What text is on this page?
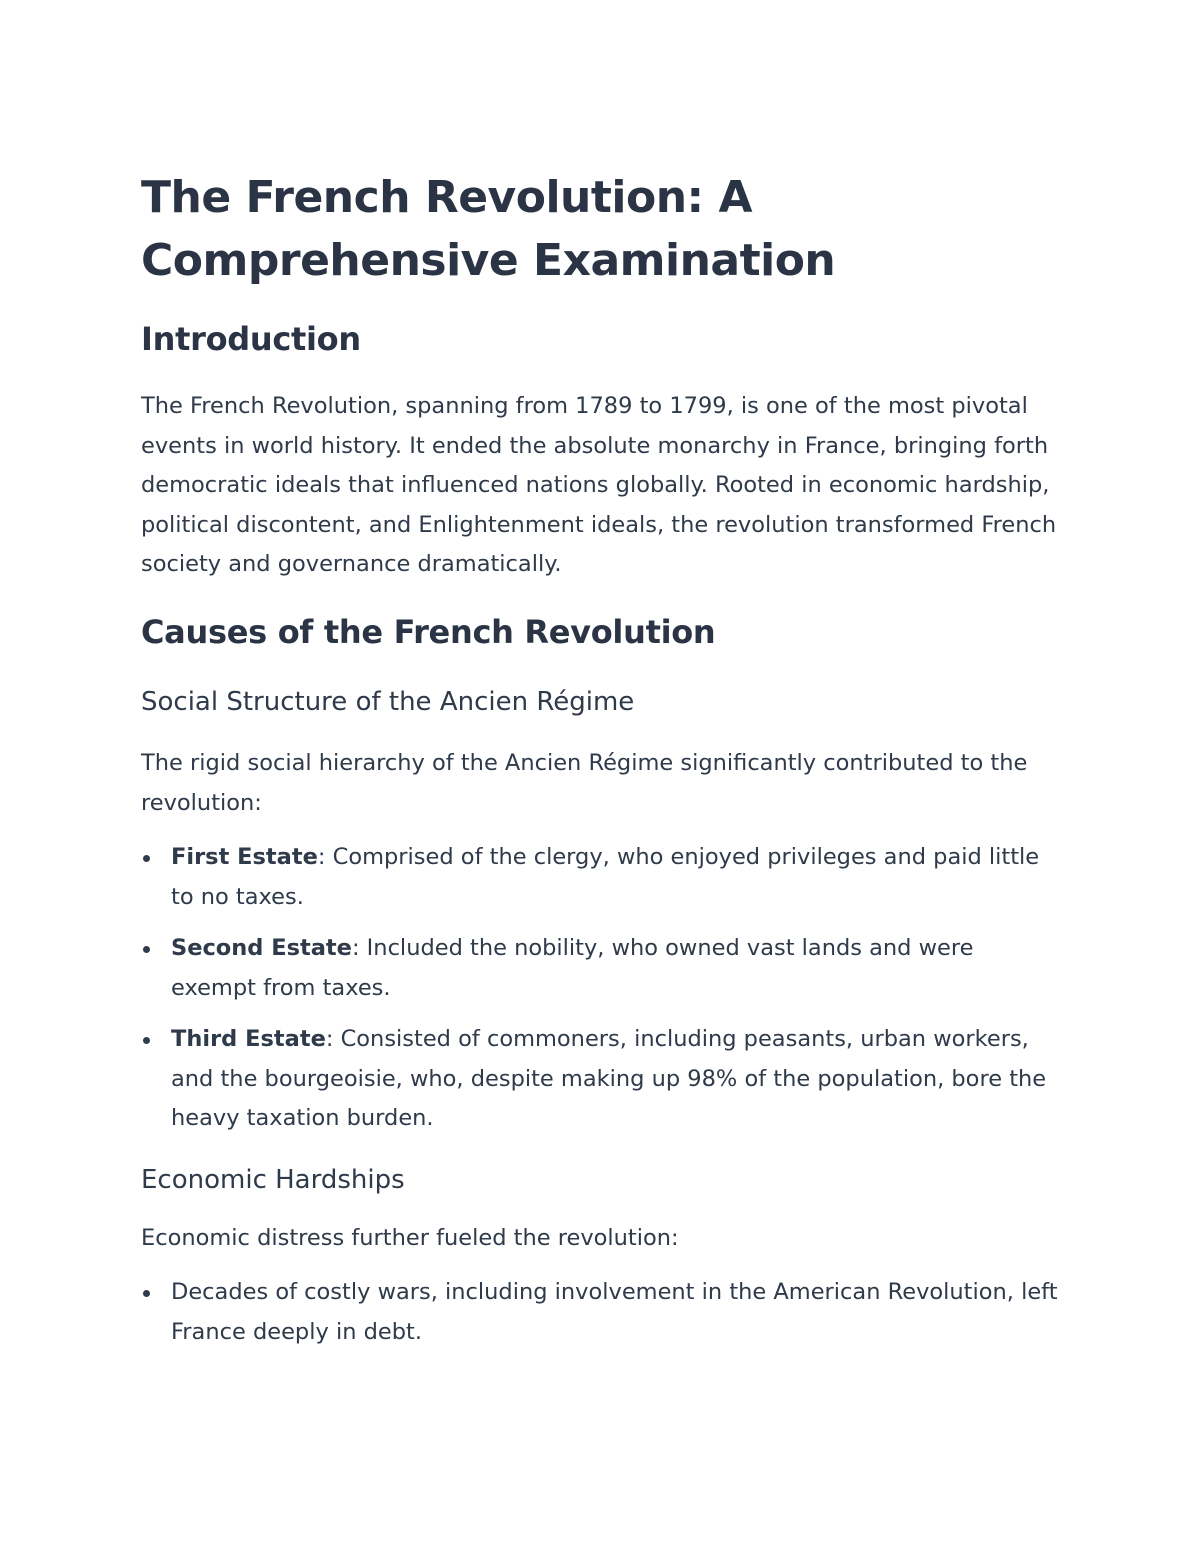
The French Revolution: A
Comprehensive Examination
Introduction

The French Revolution, spanning from 1789 to 1799, is one of the most pivotal events in world history. It ended the absolute monarchy in France, bringing forth democratic ideals that influenced nations globally. Rooted in economic hardship, political discontent, and Enlightenment ideals, the revolution transformed French society and governance dramatically.

Causes of the French Revolution
Social Structure of the Ancien Régime

The rigid social hierarchy of the Ancien Régime significantly contributed to the revolution:

First Estate: Comprised of the clergy, who enjoyed privileges and paid little to no taxes.
Second Estate: Included the nobility, who owned vast lands and were exempt from taxes.
Third Estate: Consisted of commoners, including peasants, urban workers, and the bourgeoisie, who, despite making up 98% of the population, bore the heavy taxation burden.
Economic Hardships

Economic distress further fueled the revolution:

Decades of costly wars, including involvement in the American Revolution, left France deeply in debt.
